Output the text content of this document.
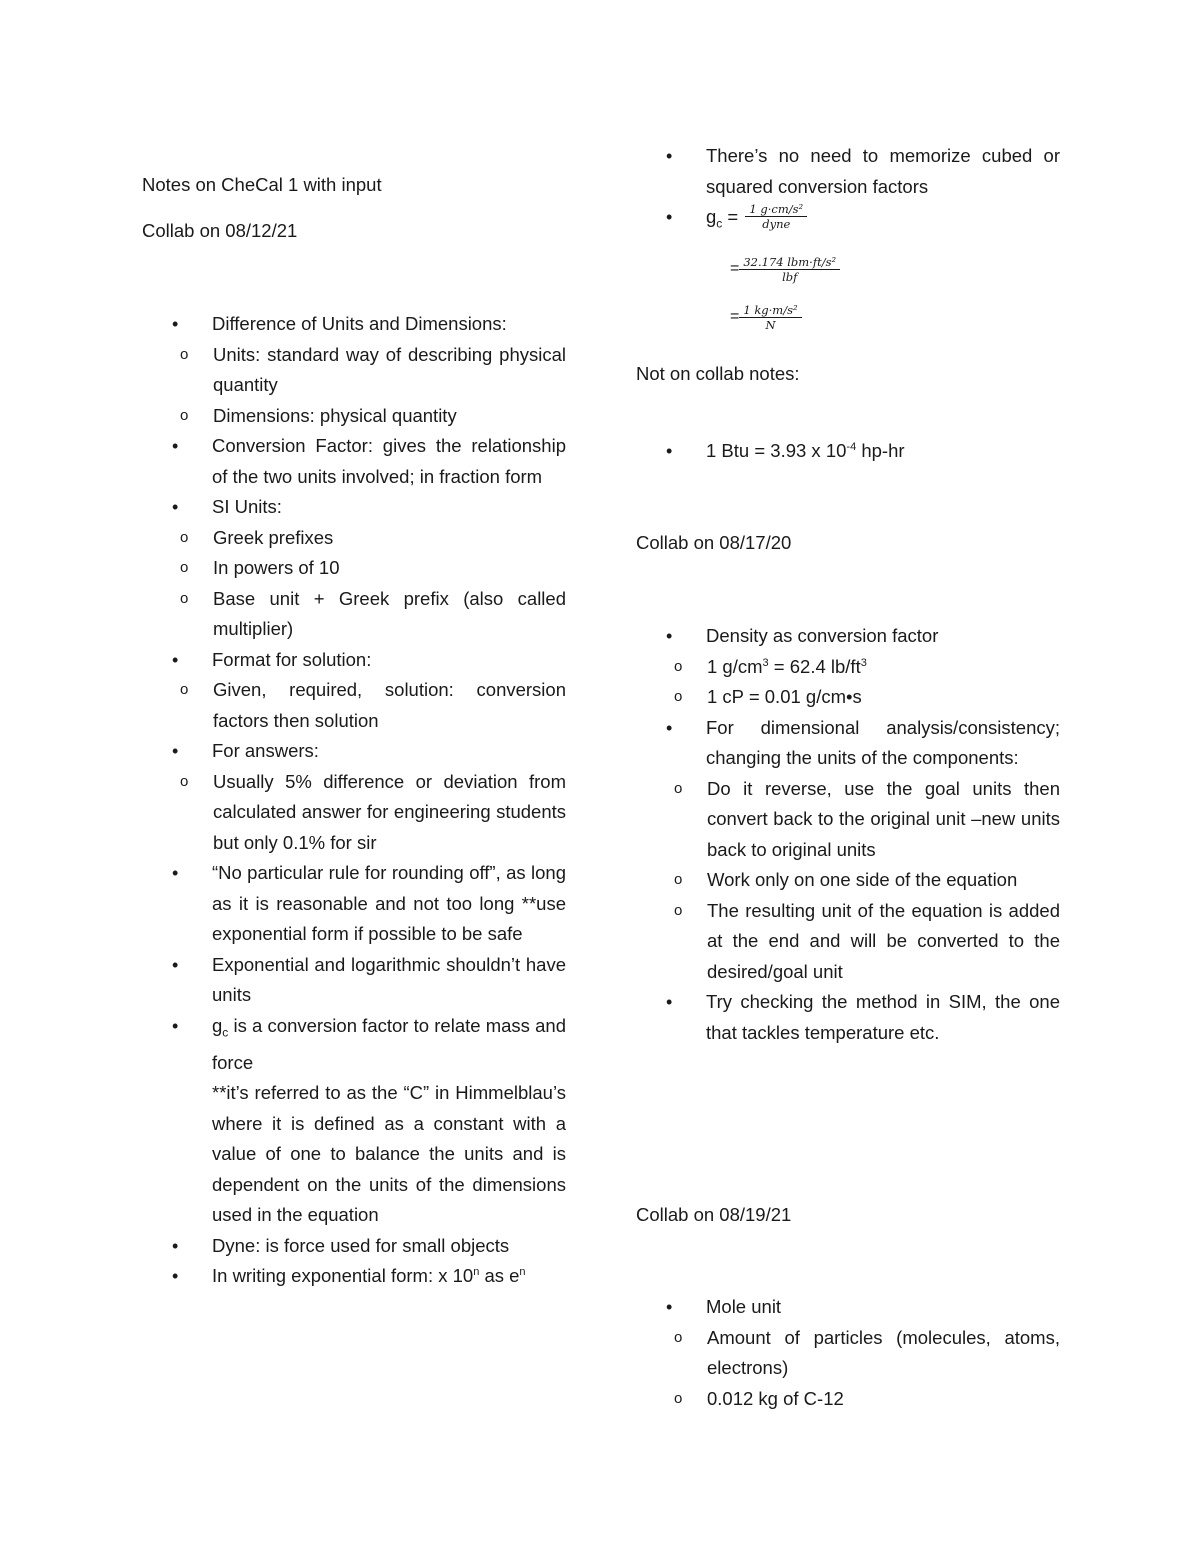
Notes on CheCal 1 with input
Collab on 08/12/21
• Difference of Units and Dimensions:
o Units: standard way of describing physical quantity
o Dimensions: physical quantity
• Conversion Factor: gives the relationship of the two units involved; in fraction form
• SI Units:
o Greek prefixes
o In powers of 10
o Base unit + Greek prefix (also called multiplier)
• Format for solution:
o Given, required, solution: conversion factors then solution
• For answers:
o Usually 5% difference or deviation from calculated answer for engineering students but only 0.1% for sir
• “No particular rule for rounding off”, as long as it is reasonable and not too long **use exponential form if possible to be safe
• Exponential and logarithmic shouldn’t have units
• $g_c$ is a conversion factor to relate mass and force
**it’s referred to as the “C” in Himmelblau’s where it is defined as a constant with a value of one to balance the units and is dependent on the units of the dimensions used in the equation
• Dyne: is force used for small objects
• In writing exponential form: x 10$^n$ as $e^n$
• There’s no need to memorize cubed or squared conversion factors
• $g_c = \frac{\text{1 g·cm/s²}}{\text{dyne}}$
= $\frac{\text{32.174 lbm·ft/s²}}{\text{lbf}}$
= $\frac{\text{1 kg·m/s²}}{N}$
Not on collab notes:
• 1 Btu = 3.93 x $10^{-4}$ hp-hr
Collab on 08/17/20
• Density as conversion factor
o 1 $g/cm^3 = 62.4$ $lb/ft^3$
o 1 cP = 0.01 g/cm•s
• For dimensional analysis/consistency; changing the units of the components:
o Do it reverse, use the goal units then convert back to the original unit –new units back to original units
o Work only on one side of the equation
o The resulting unit of the equation is added at the end and will be converted to the desired/goal unit
• Try checking the method in SIM, the one that tackles temperature etc.
Collab on 08/19/21
• Mole unit
o Amount of particles (molecules, atoms, electrons)
o 0.012 kg of C-12
